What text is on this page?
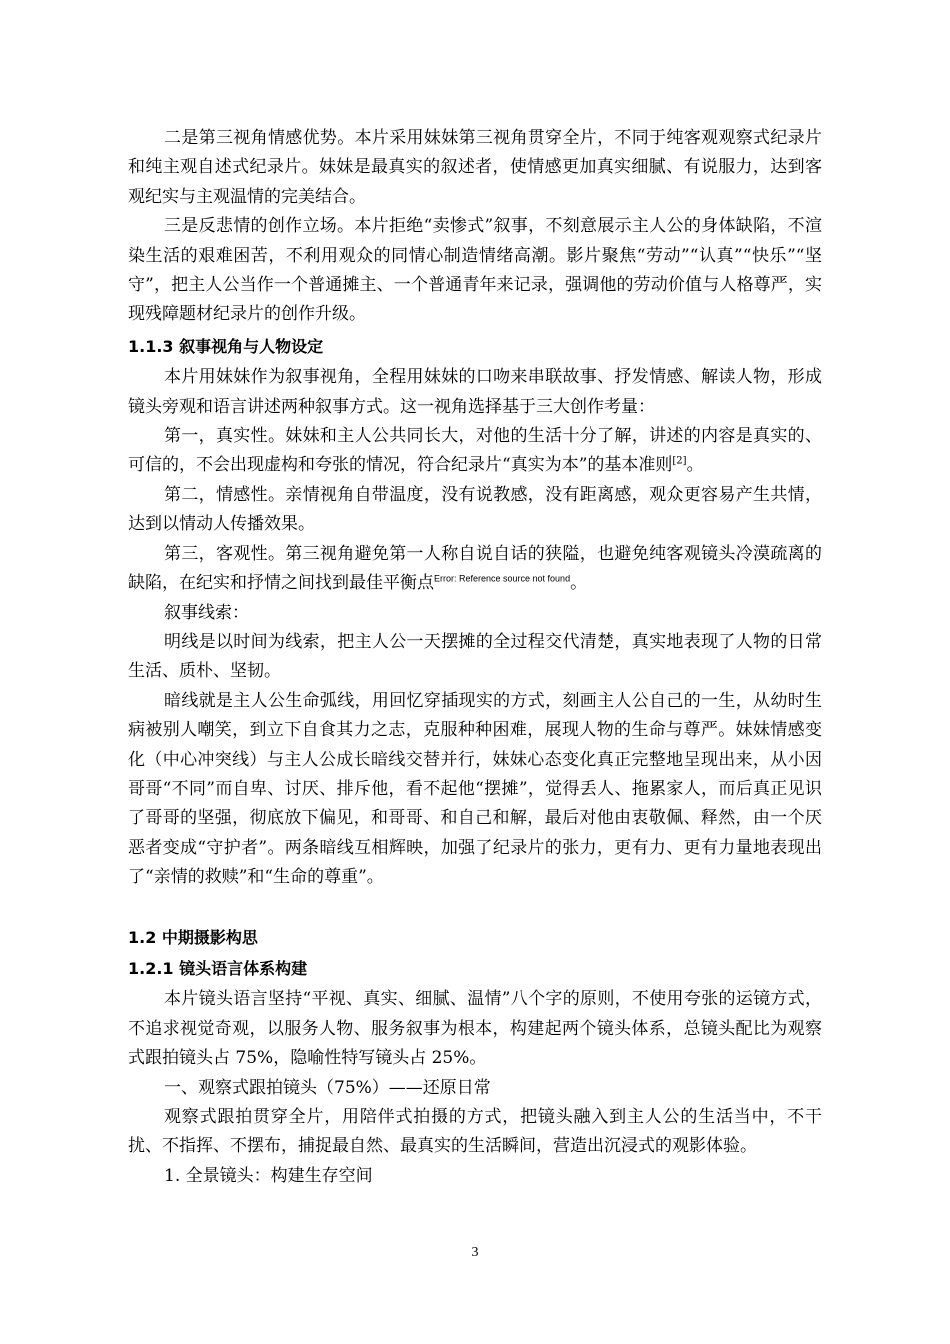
二是第三视角情感优势。本片采用妹妹第三视角贯穿全片，不同于纯客观观察式纪录片和纯主观自述式纪录片。妹妹是最真实的叙述者，使情感更加真实细腻、有说服力，达到客观纪实与主观温情的完美结合。

三是反悲情的创作立场。本片拒绝“卖惨式”叙事，不刻意展示主人公的身体缺陷，不渲染生活的艰难困苦，不利用观众的同情心制造情绪高潮。影片聚焦“劳动”“认真”“快乐”“坚守”，把主人公当作一个普通摊主、一个普通青年来记录，强调他的劳动价值与人格尊严，实现残障题材纪录片的创作升级。

1.1.3 叙事视角与人物设定

本片用妹妹作为叙事视角，全程用妹妹的口吻来串联故事、抒发情感、解读人物，形成镜头旁观和语言讲述两种叙事方式。这一视角选择基于三大创作考量：

第一，真实性。妹妹和主人公共同长大，对他的生活十分了解，讲述的内容是真实的、可信的，不会出现虚构和夸张的情况，符合纪录片“真实为本”的基本准则[2]。

第二，情感性。亲情视角自带温度，没有说教感，没有距离感，观众更容易产生共情，达到以情动人传播效果。

第三，客观性。第三视角避免第一人称自说自话的狭隘，也避免纯客观镜头冷漠疏离的缺陷，在纪实和抒情之间找到最佳平衡点$^{Error: Reference source not found}$。

叙事线索：

明线是以时间为线索，把主人公一天摆摊的全过程交代清楚，真实地表现了人物的日常生活、质朴、坚韧。

暗线就是主人公生命弧线，用回忆穿插现实的方式，刻画主人公自己的一生，从幼时生病被别人嘲笑，到立下自食其力之志，克服种种困难，展现人物的生命与尊严。妹妹情感变化（中心冲突线）与主人公成长暗线交替并行，妹妹心态变化真正完整地呈现出来，从小因哥哥“不同”而自卑、讨厌、排斥他，看不起他“摆摊”，觉得丢人、拖累家人，而后真正见识了哥哥的坚强，彻底放下偏见，和哥哥、和自己和解，最后对他由衷敬佩、释然，由一个厌恶者变成“守护者”。两条暗线互相辉映，加强了纪录片的张力，更有力、更有力量地表现出了“亲情的救赎”和“生命的尊重”。

1.2 中期摄影构思
1.2.1 镜头语言体系构建

本片镜头语言坚持“平视、真实、细腻、温情”八个字的原则，不使用夸张的运镜方式，不追求视觉奇观，以服务人物、服务叙事为根本，构建起两个镜头体系，总镜头配比为观察式跟拍镜头占 75%，隐喻性特写镜头占 25%。

一、观察式跟拍镜头（75%）——还原日常

观察式跟拍贯穿全片，用陪伴式拍摄的方式，把镜头融入到主人公的生活当中，不干扰、不指挥、不摆布，捕捉最自然、最真实的生活瞬间，营造出沉浸式的观影体验。

1. 全景镜头：构建生存空间

3
